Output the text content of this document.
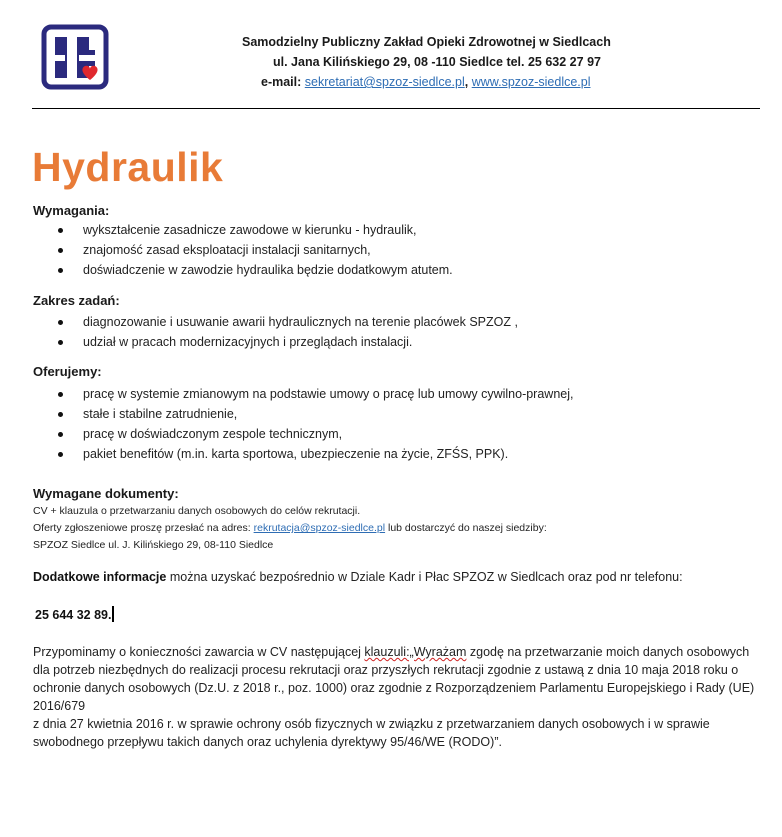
Samodzielny Publiczny Zakład Opieki Zdrowotnej w Siedlcach
ul. Jana Kilińskiego 29, 08 -110 Siedlce tel. 25 632 27 97
e-mail: sekretariat@spzoz-siedlce.pl, www.spzoz-siedlce.pl
Hydraulik
Wymagania:
wykształcenie zasadnicze zawodowe w kierunku - hydraulik,
znajomość zasad eksploatacji instalacji sanitarnych,
doświadczenie w zawodzie hydraulika będzie dodatkowym atutem.
Zakres zadań:
diagnozowanie i usuwanie awarii hydraulicznych na terenie placówek SPZOZ ,
udział w pracach modernizacyjnych i przeglądach instalacji.
Oferujemy:
pracę w systemie zmianowym na podstawie umowy o pracę lub umowy cywilno-prawnej,
stałe i stabilne zatrudnienie,
pracę w doświadczonym zespole technicznym,
pakiet benefitów (m.in. karta sportowa, ubezpieczenie na życie, ZFŚS, PPK).
Wymagane dokumenty:
CV + klauzula o przetwarzaniu danych osobowych do celów rekrutacji.
Oferty zgłoszeniowe proszę przesłać na adres: rekrutacja@spzoz-siedlce.pl lub dostarczyć do naszej siedziby:
SPZOZ Siedlce ul. J. Kilińskiego 29, 08-110 Siedlce
Dodatkowe informacje można uzyskać bezpośrednio w Dziale Kadr i Płac SPZOZ w Siedlcach oraz pod nr telefonu:
25 644 32 89.
Przypominamy o konieczności zawarcia w CV następującej klauzuli:„Wyrażam zgodę na przetwarzanie moich danych osobowych dla potrzeb niezbędnych do realizacji procesu rekrutacji oraz przyszłych rekrutacji zgodnie z ustawą z dnia 10 maja 2018 roku o ochronie danych osobowych (Dz.U. z 2018 r., poz. 1000) oraz zgodnie z Rozporządzeniem Parlamentu Europejskiego i Rady (UE) 2016/679
z dnia 27 kwietnia 2016 r. w sprawie ochrony osób fizycznych w związku z przetwarzaniem danych osobowych i w sprawie swobodnego przepływu takich danych oraz uchylenia dyrektywy 95/46/WE (RODO)”.
